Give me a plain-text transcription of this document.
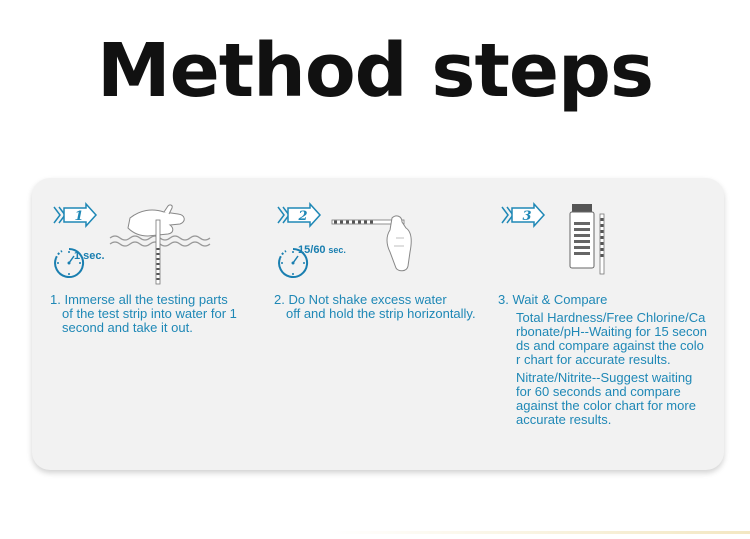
Method steps
1
1 sec.
1. Immerse all the testing parts
of the test strip into water for 1 second and take it out.
2
15/60 sec.
2. Do Not shake excess water
off and hold the strip horizontally.
3
3. Wait & Compare
Total Hardness/Free Chlorine/Carbonate/pH--Waiting for 15 seconds and compare against the color chart for accurate results.
Nitrate/Nitrite--Suggest waiting for 60 seconds and compare against the color chart for more accurate results.
